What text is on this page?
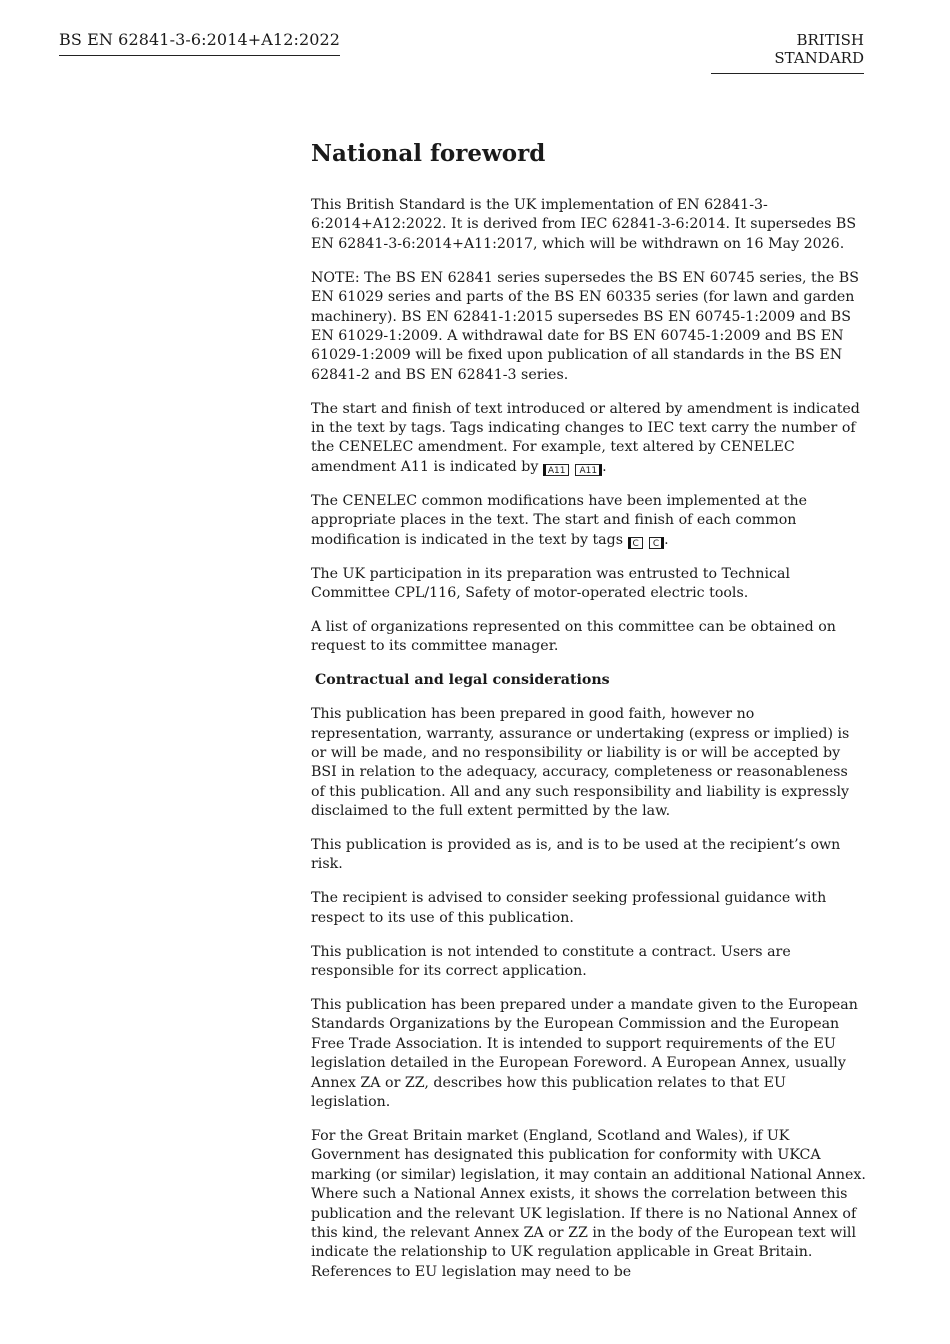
BS EN 62841-3-6:2014+A12:2022	BRITISH STANDARD
National foreword

This British Standard is the UK implementation of EN 62841-3-6:2014+A12:2022. It is derived from IEC 62841-3-6:2014. It supersedes BS EN 62841-3-6:2014+A11:2017, which will be withdrawn on 16 May 2026.

NOTE: The BS EN 62841 series supersedes the BS EN 60745 series, the BS EN 61029 series and parts of the BS EN 60335 series (for lawn and garden machinery). BS EN 62841-1:2015 supersedes BS EN 60745-1:2009 and BS EN 61029-1:2009. A withdrawal date for BS EN 60745-1:2009 and BS EN 61029-1:2009 will be fixed upon publication of all standards in the BS EN 62841-2 and BS EN 62841-3 series.

The start and finish of text introduced or altered by amendment is indicated in the text by tags. Tags indicating changes to IEC text carry the number of the CENELEC amendment. For example, text altered by CENELEC amendment A11 is indicated by A11 A11 .

The CENELEC common modifications have been implemented at the appropriate places in the text. The start and finish of each common modification is indicated in the text by tags C C .

The UK participation in its preparation was entrusted to Technical Committee CPL/116, Safety of motor-operated electric tools.

A list of organizations represented on this committee can be obtained on request to its committee manager.

Contractual and legal considerations

This publication has been prepared in good faith, however no representation, warranty, assurance or undertaking (express or implied) is or will be made, and no responsibility or liability is or will be accepted by BSI in relation to the adequacy, accuracy, completeness or reasonableness of this publication. All and any such responsibility and liability is expressly disclaimed to the full extent permitted by the law.

This publication is provided as is, and is to be used at the recipient’s own risk.

The recipient is advised to consider seeking professional guidance with respect to its use of this publication.

This publication is not intended to constitute a contract. Users are responsible for its correct application.

This publication has been prepared under a mandate given to the European Standards Organizations by the European Commission and the European Free Trade Association. It is intended to support requirements of the EU legislation detailed in the European Foreword. A European Annex, usually Annex ZA or ZZ, describes how this publication relates to that EU legislation.

For the Great Britain market (England, Scotland and Wales), if UK Government has designated this publication for conformity with UKCA marking (or similar) legislation, it may contain an additional National Annex. Where such a National Annex exists, it shows the correlation between this publication and the relevant UK legislation. If there is no National Annex of this kind, the relevant Annex ZA or ZZ in the body of the European text will indicate the relationship to UK regulation applicable in Great Britain. References to EU legislation may need to be
